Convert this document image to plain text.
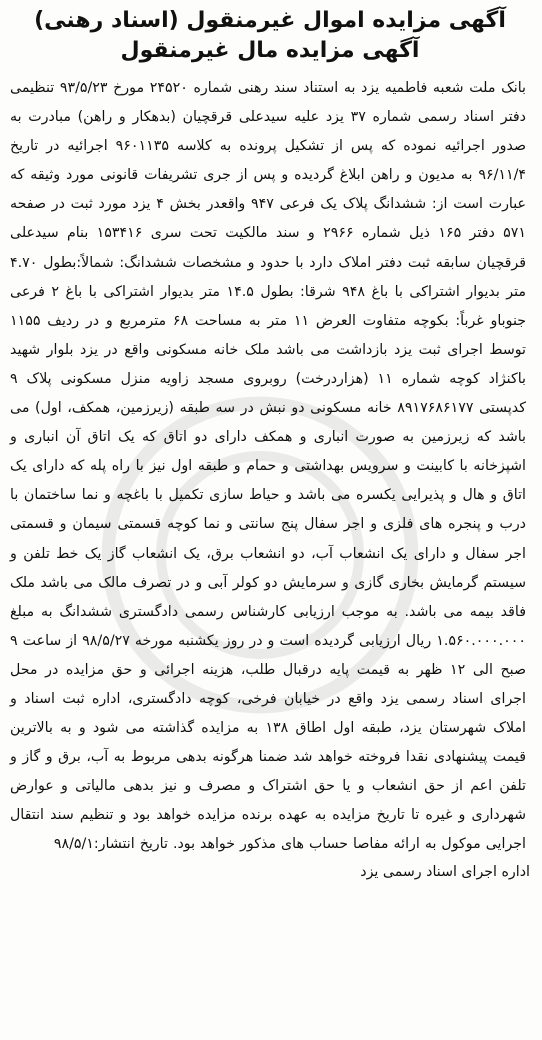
آگهی مزایده اموال غیرمنقول (اسناد رهنی)
آگهی مزایده مال غیرمنقول

بانک ملت شعبه فاطمیه یزد به استناد سند رهنی شماره ۲۴۵۲۰ مورخ ۹۳/۵/۲۳ تنظیمی دفتر اسناد رسمی شماره ۳۷ یزد علیه سیدعلی قرقچیان (بدهکار و راهن) مبادرت به صدور اجرائیه نموده که پس از تشکیل پرونده به کلاسه ۹۶۰۱۱۳۵ اجرائیه در تاریخ ۹۶/۱۱/۴ به مدیون و راهن ابلاغ گردیده و پس از جری تشریفات قانونی مورد وثیقه که عبارت است از: ششدانگ پلاک یک فرعی ۹۴۷ واقعدر بخش ۴ یزد مورد ثبت در صفحه ۵۷۱ دفتر ۱۶۵ ذیل شماره ۲۹۶۶ و سند مالکیت تحت سری ۱۵۳۴۱۶ بنام سیدعلی قرقچیان سابقه ثبت دفتر املاک دارد با حدود و مشخصات ششدانگ: شمالاً:بطول ۴.۷۰ متر بدیوار اشتراکی با باغ ۹۴۸ شرقا: بطول ۱۴.۵ متر بدیوار اشتراکی با باغ ۲ فرعی جنوباو غرباً: بکوچه متفاوت العرض ۱۱ متر به مساحت ۶۸ مترمربع و در ردیف ۱۱۵۵ توسط اجرای ثبت یزد بازداشت می باشد ملک خانه مسکونی واقع در یزد بلوار شهید باکنژاد کوچه شماره ۱۱ (هزاردرخت) روبروی مسجد زاویه منزل مسکونی پلاک ۹ کدپستی ۸۹۱۷۶۸۶۱۷۷ خانه مسکونی دو نبش در سه طبقه (زیرزمین، همکف، اول) می باشد که زیرزمین به صورت انباری و همکف دارای دو اتاق که یک اتاق آن انباری و اشپزخانه با کابینت و سرویس بهداشتی و حمام و طبقه اول نیز با راه پله که دارای یک اتاق و هال و پذیرایی یکسره می باشد و حیاط سازی تکمیل با باغچه و نما ساختمان با درب و پنجره های فلزی و اجر سفال پنج سانتی و نما کوچه قسمتی سیمان و قسمتی اجر سفال و دارای یک انشعاب آب، دو انشعاب برق، یک انشعاب گاز یک خط تلفن و سیستم گرمایش بخاری گازی و سرمایش دو کولر آبی و در تصرف مالک می باشد ملک فاقد بیمه می باشد. به موجب ارزیابی کارشناس رسمی دادگستری ششدانگ به مبلغ ۱.۵۶۰.۰۰۰.۰۰۰ ریال ارزیابی گردیده است و در روز یکشنبه مورخه ۹۸/۵/۲۷ از ساعت ۹ صبح الی ۱۲ ظهر به قیمت پایه درقبال طلب، هزینه اجرائی و حق مزایده در محل اجرای اسناد رسمی یزد واقع در خیابان فرخی، کوچه دادگستری، اداره ثبت اسناد و املاک شهرستان یزد، طبقه اول اطاق ۱۳۸ به مزایده گذاشته می شود و به بالاترین قیمت پیشنهادی نقدا فروخته خواهد شد ضمنا هرگونه بدهی مربوط به آب، برق و گاز و تلفن اعم از حق انشعاب و یا حق اشتراک و مصرف و نیز بدهی مالیاتی و عوارض شهرداری و غیره تا تاریخ مزایده به عهده برنده مزایده خواهد بود و تنظیم سند انتقال اجرایی موکول به ارائه مفاصا حساب های مذکور خواهد بود. تاریخ انتشار:۹۸/۵/۱

اداره اجرای اسناد رسمی یزد
